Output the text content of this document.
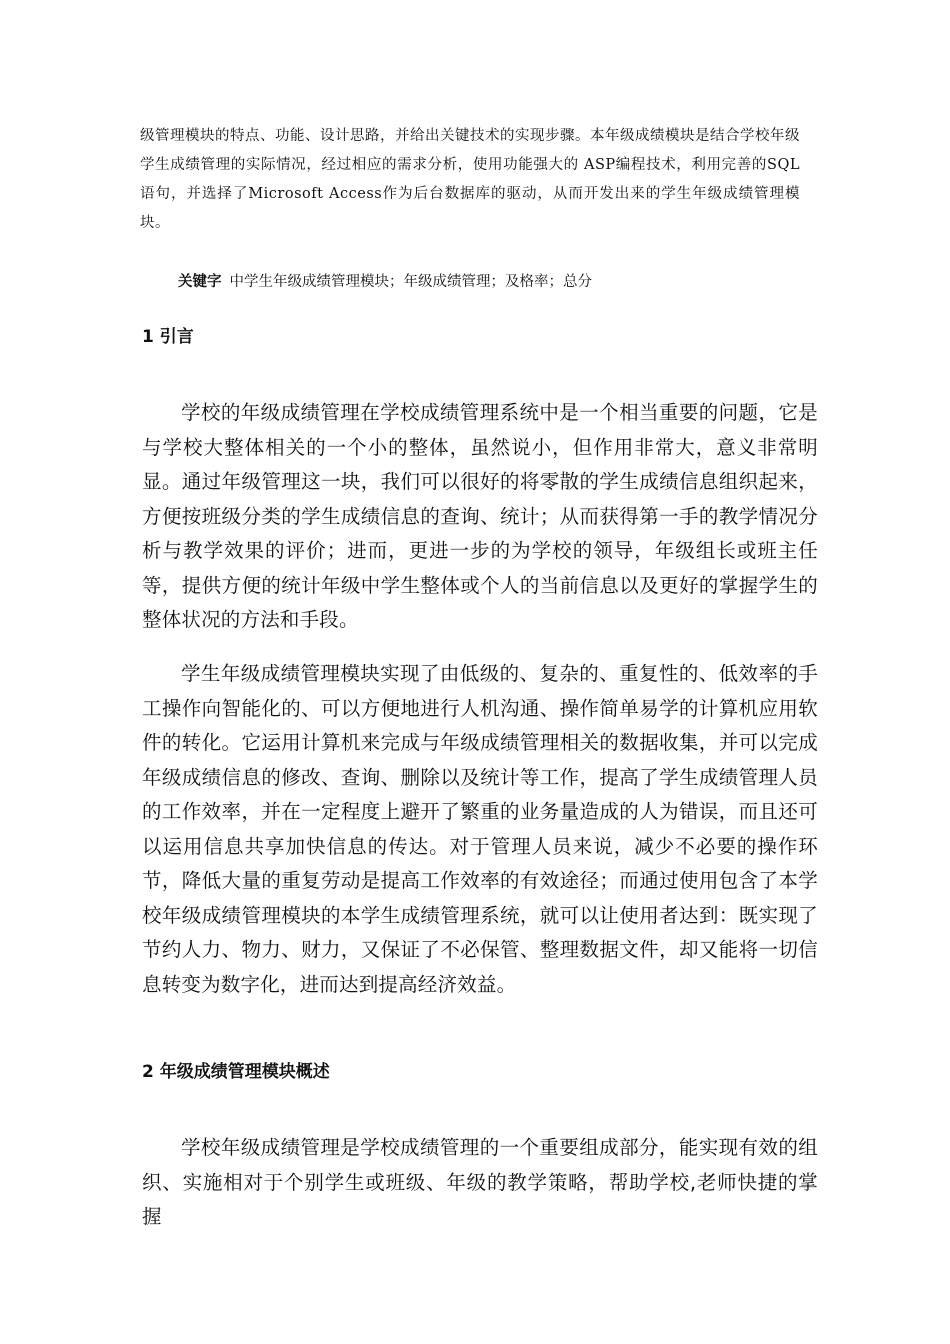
级管理模块的特点、功能、设计思路，并给出关键技术的实现步骤。本年级成绩模块是结合学校年级学生成绩管理的实际情况，经过相应的需求分析，使用功能强大的 ASP编程技术，利用完善的SQL语句，并选择了Microsoft Access作为后台数据库的驱动，从而开发出来的学生年级成绩管理模块。

关键字 中学生年级成绩管理模块；年级成绩管理；及格率；总分

1 引言

学校的年级成绩管理在学校成绩管理系统中是一个相当重要的问题，它是与学校大整体相关的一个小的整体，虽然说小，但作用非常大，意义非常明显。通过年级管理这一块，我们可以很好的将零散的学生成绩信息组织起来，方便按班级分类的学生成绩信息的查询、统计；从而获得第一手的教学情况分析与教学效果的评价；进而，更进一步的为学校的领导，年级组长或班主任等，提供方便的统计年级中学生整体或个人的当前信息以及更好的掌握学生的整体状况的方法和手段。

学生年级成绩管理模块实现了由低级的、复杂的、重复性的、低效率的手工操作向智能化的、可以方便地进行人机沟通、操作简单易学的计算机应用软件的转化。它运用计算机来完成与年级成绩管理相关的数据收集，并可以完成年级成绩信息的修改、查询、删除以及统计等工作，提高了学生成绩管理人员的工作效率，并在一定程度上避开了繁重的业务量造成的人为错误，而且还可以运用信息共享加快信息的传达。对于管理人员来说，减少不必要的操作环节，降低大量的重复劳动是提高工作效率的有效途径；而通过使用包含了本学校年级成绩管理模块的本学生成绩管理系统，就可以让使用者达到：既实现了节约人力、物力、财力，又保证了不必保管、整理数据文件，却又能将一切信息转变为数字化，进而达到提高经济效益。

2 年级成绩管理模块概述

学校年级成绩管理是学校成绩管理的一个重要组成部分，能实现有效的组织、实施相对于个别学生或班级、年级的教学策略，帮助学校,老师快捷的掌握
